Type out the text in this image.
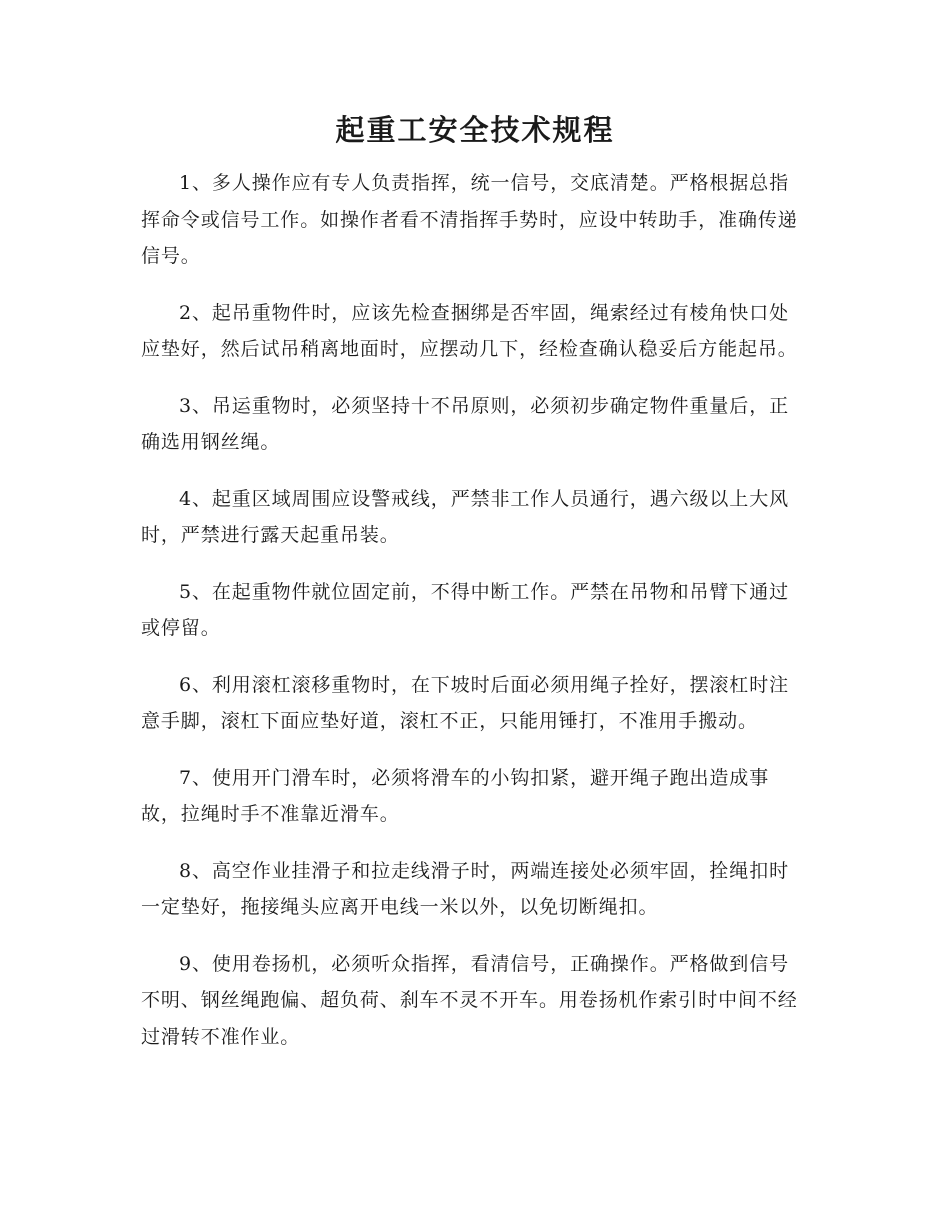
起重工安全技术规程

1、多人操作应有专人负责指挥，统一信号，交底清楚。严格根据总指挥命令或信号工作。如操作者看不清指挥手势时，应设中转助手，准确传递信号。

2、起吊重物件时，应该先检查捆绑是否牢固，绳索经过有棱角快口处应垫好，然后试吊稍离地面时，应摆动几下，经检查确认稳妥后方能起吊。

3、吊运重物时，必须坚持十不吊原则，必须初步确定物件重量后，正确选用钢丝绳。

4、起重区域周围应设警戒线，严禁非工作人员通行，遇六级以上大风时，严禁进行露天起重吊装。

5、在起重物件就位固定前，不得中断工作。严禁在吊物和吊臂下通过或停留。

6、利用滚杠滚移重物时，在下坡时后面必须用绳子拴好，摆滚杠时注意手脚，滚杠下面应垫好道，滚杠不正，只能用锤打，不准用手搬动。

7、使用开门滑车时，必须将滑车的小钩扣紧，避开绳子跑出造成事故，拉绳时手不准靠近滑车。

8、高空作业挂滑子和拉走线滑子时，两端连接处必须牢固，拴绳扣时一定垫好，拖接绳头应离开电线一米以外，以免切断绳扣。

9、使用卷扬机，必须听众指挥，看清信号，正确操作。严格做到信号不明、钢丝绳跑偏、超负荷、刹车不灵不开车。用卷扬机作索引时中间不经过滑转不准作业。
